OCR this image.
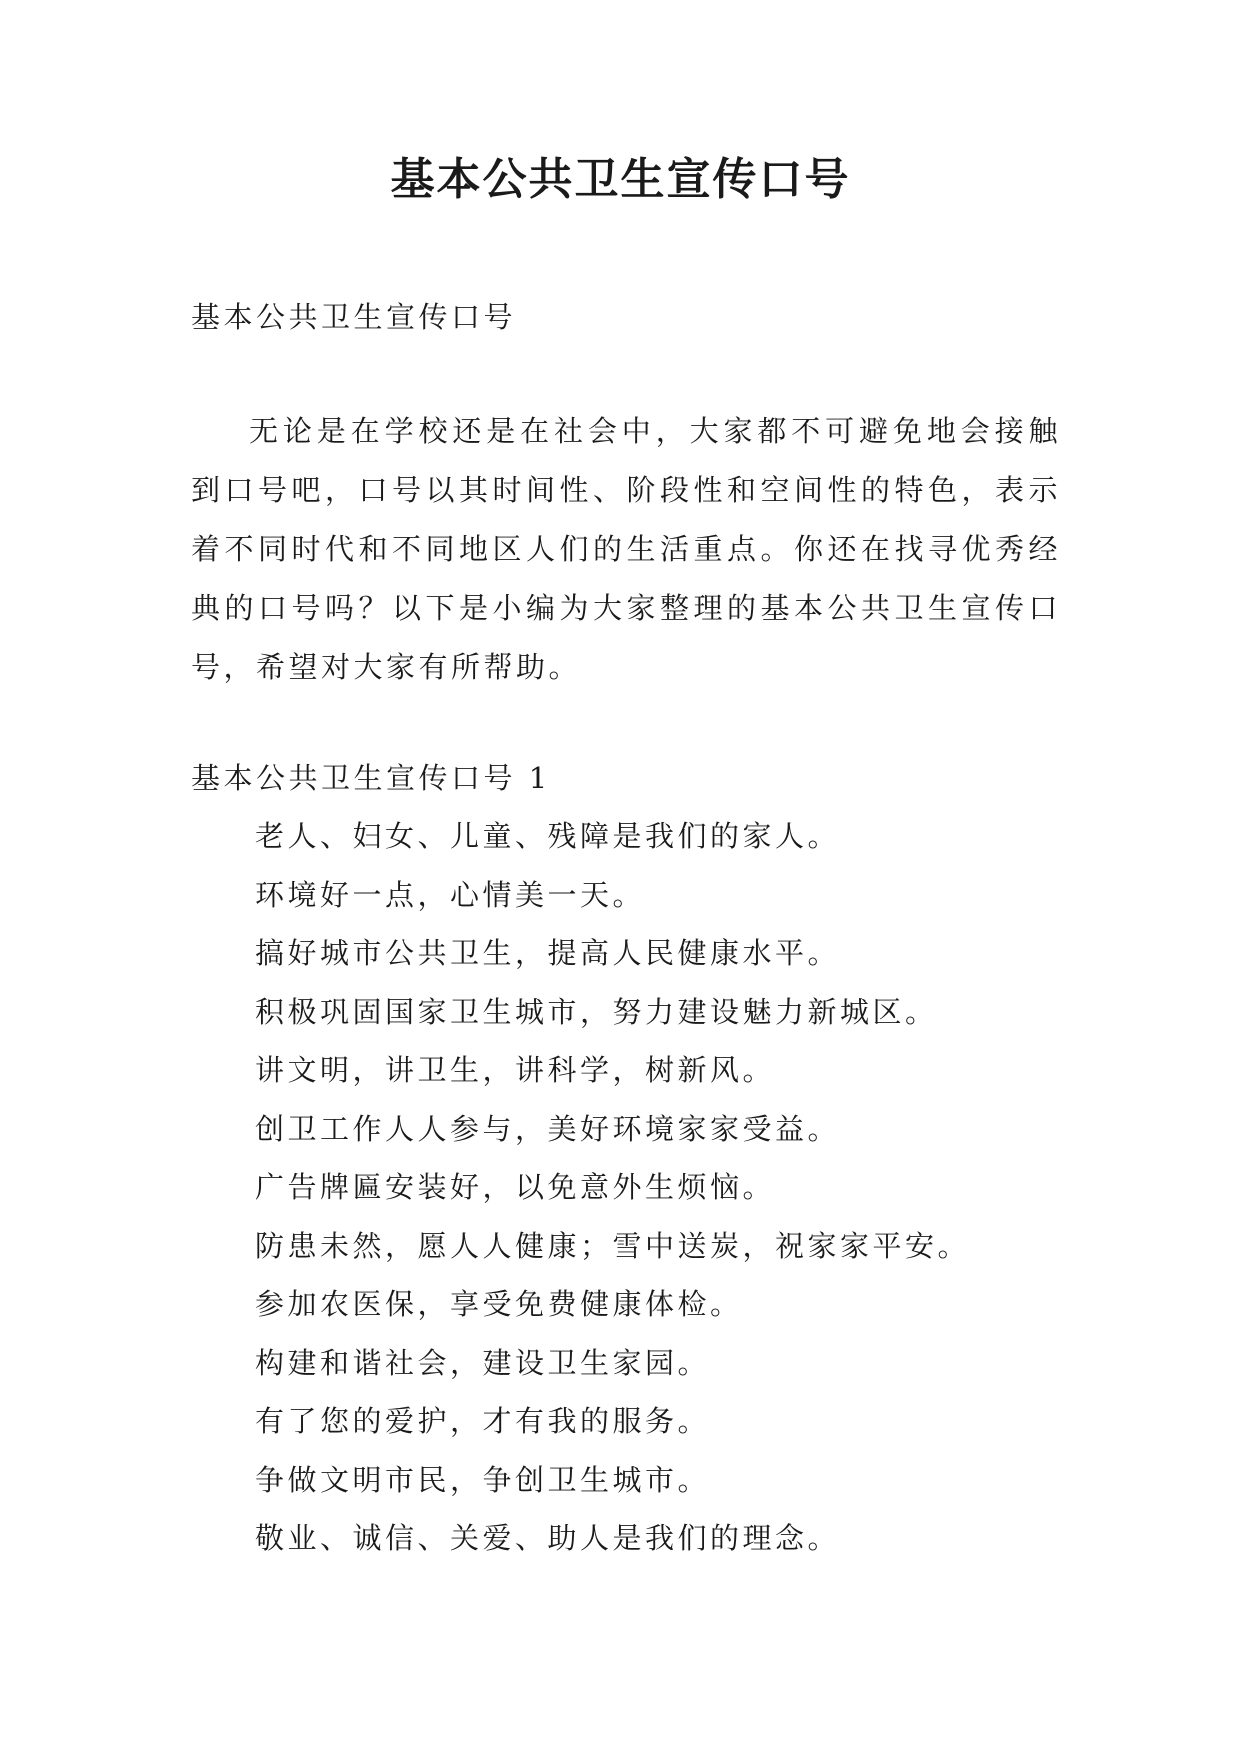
基本公共卫生宣传口号

基本公共卫生宣传口号

无论是在学校还是在社会中，大家都不可避免地会接触到口号吧，口号以其时间性、阶段性和空间性的特色，表示着不同时代和不同地区人们的生活重点。你还在找寻优秀经典的口号吗？以下是小编为大家整理的基本公共卫生宣传口号，希望对大家有所帮助。

基本公共卫生宣传口号 1

老人、妇女、儿童、残障是我们的家人。
环境好一点，心情美一天。
搞好城市公共卫生，提高人民健康水平。
积极巩固国家卫生城市，努力建设魅力新城区。
讲文明，讲卫生，讲科学，树新风。
创卫工作人人参与，美好环境家家受益。
广告牌匾安装好，以免意外生烦恼。
防患未然，愿人人健康；雪中送炭，祝家家平安。
参加农医保，享受免费健康体检。
构建和谐社会，建设卫生家园。
有了您的爱护，才有我的服务。
争做文明市民，争创卫生城市。
敬业、诚信、关爱、助人是我们的理念。
